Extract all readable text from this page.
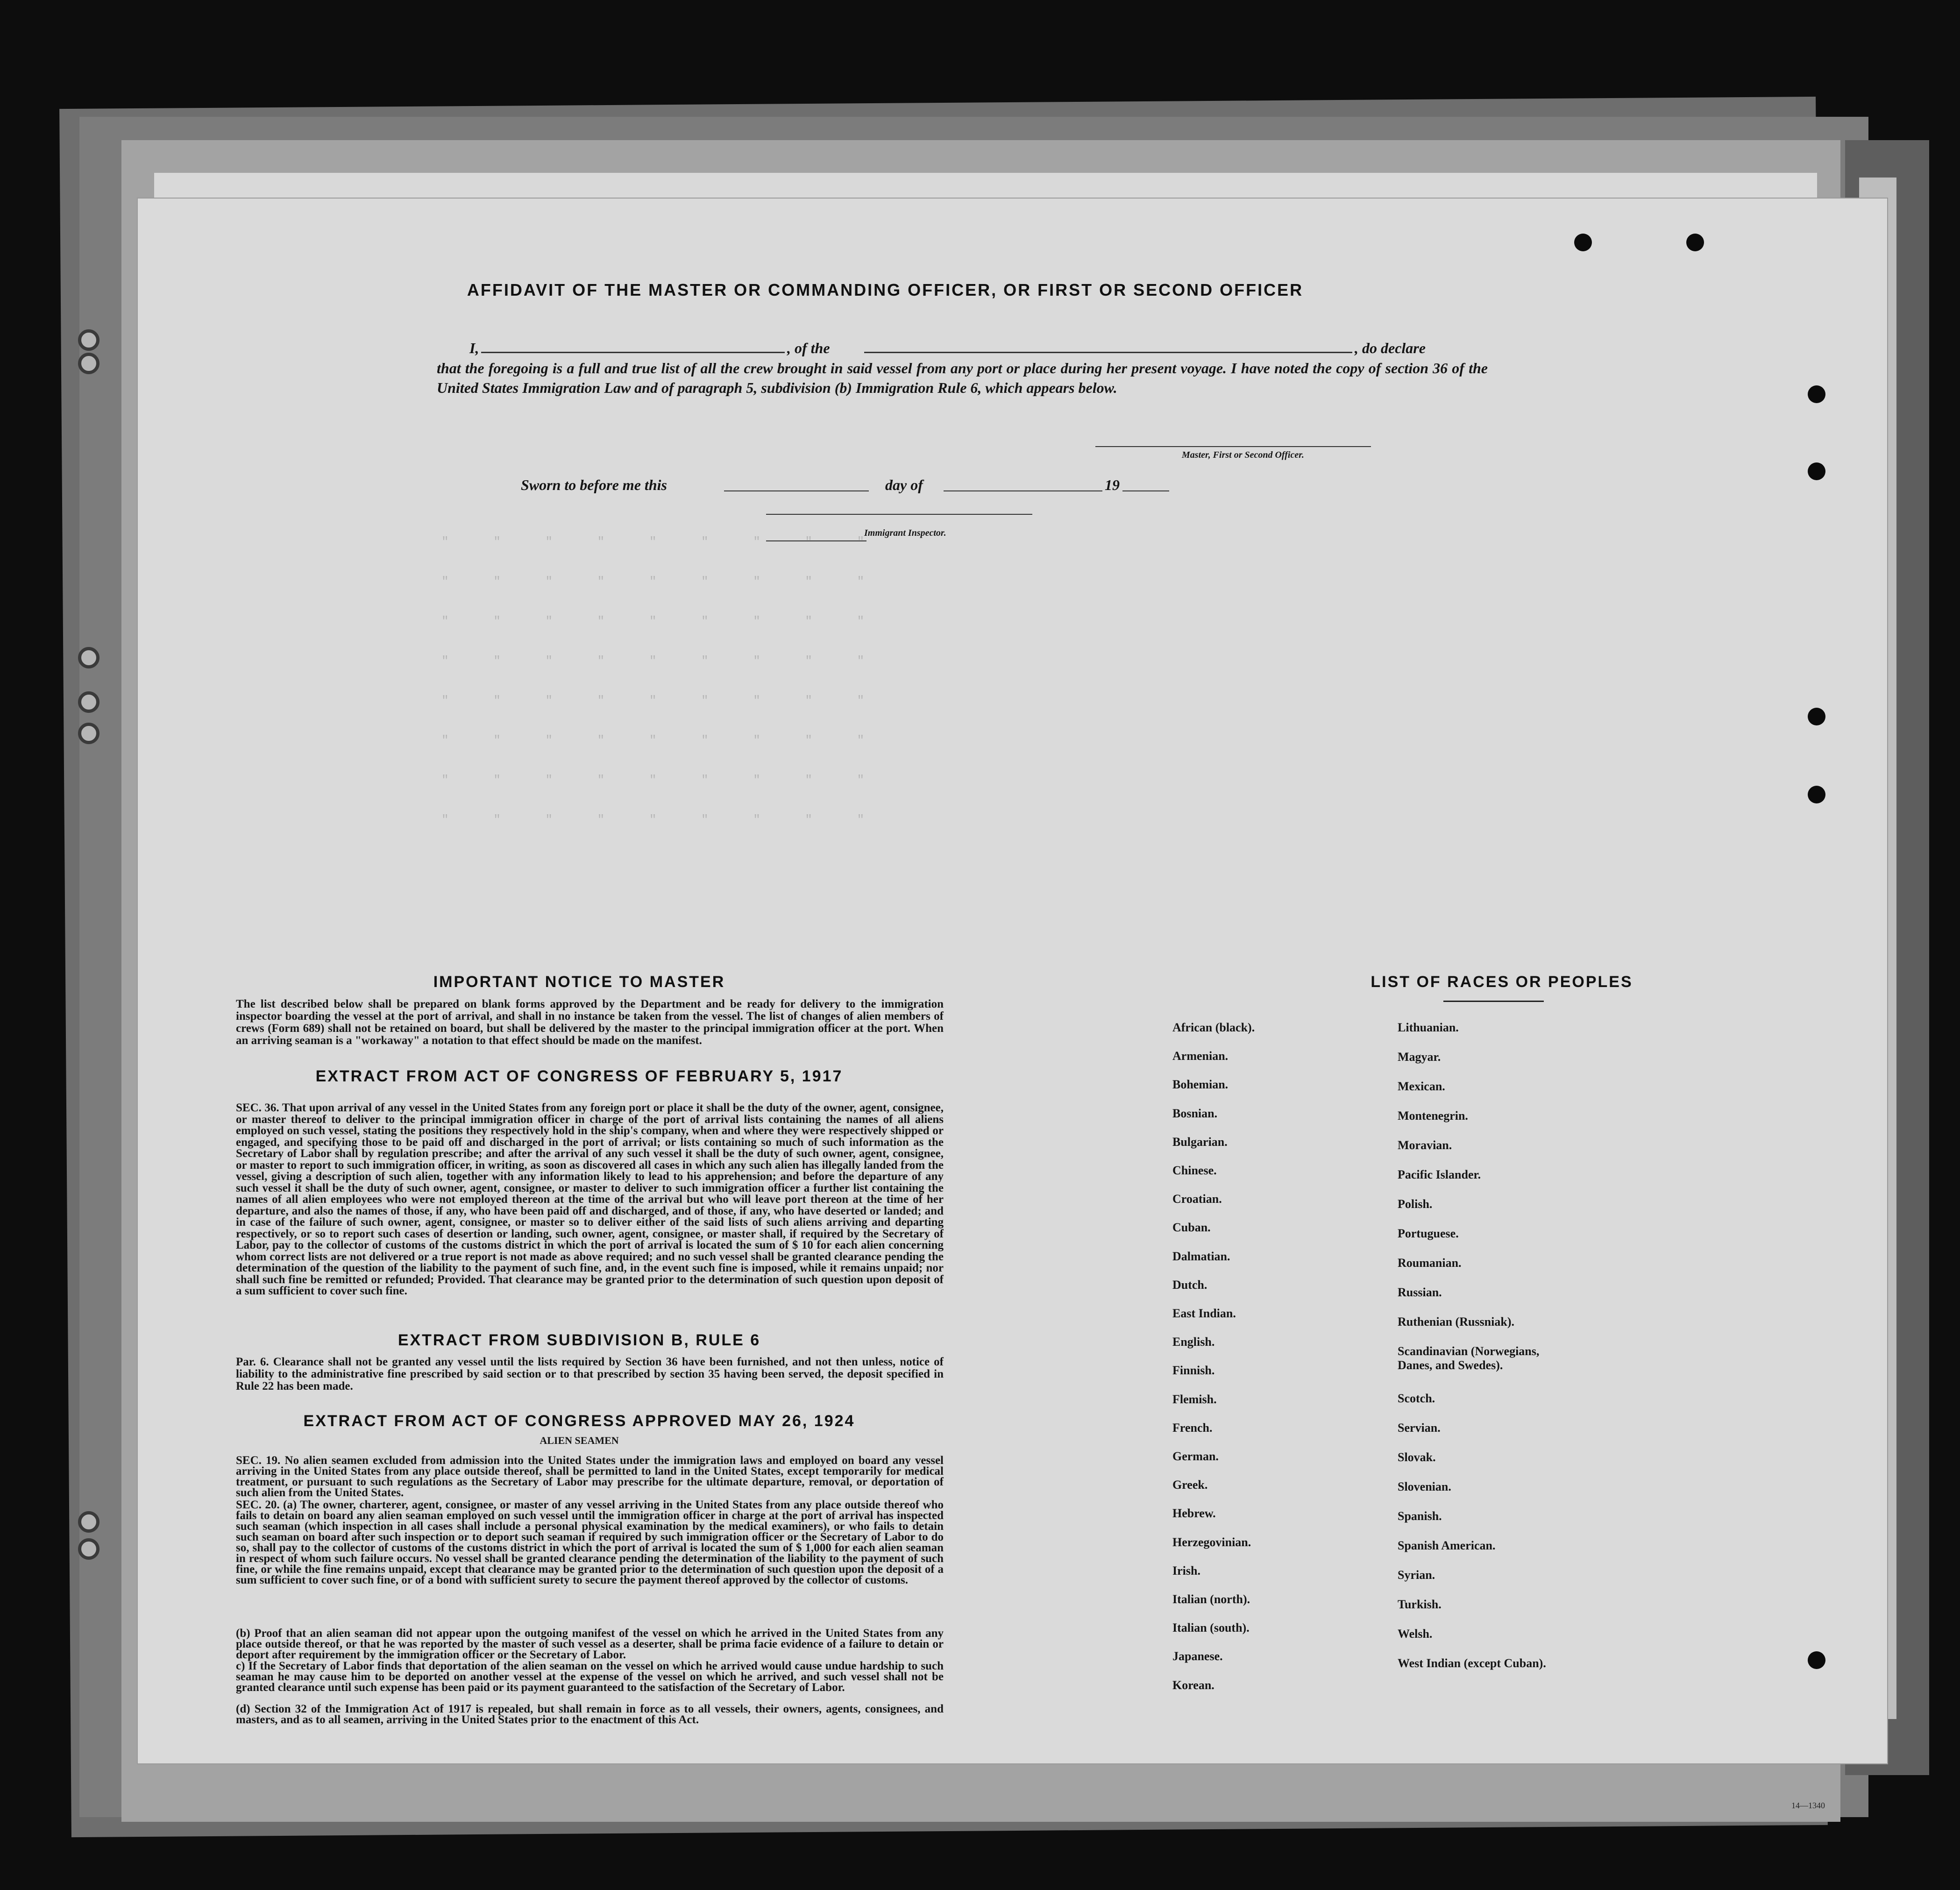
" " " " " " " " "
" " " " " " " " "
" " " " " " " " "
" " " " " " " " "
" " " " " " " " "
" " " " " " " " "
" " " " " " " " "
" " " " " " " " "
AFFIDAVIT OF THE MASTER OR COMMANDING OFFICER, OR FIRST OR SECOND OFFICER
I,	, of the	, do declare
that the foregoing is a full and true list of all the crew brought in said vessel from any port or place during her present voyage. I have noted the copy of section 36 of the United States Immigration Law and of paragraph 5, subdivision (b) Immigration Rule 6, which appears below.
Master, First or Second Officer.
Sworn to before me this	day of	19
Immigrant Inspector.
IMPORTANT NOTICE TO MASTER
The list described below shall be prepared on blank forms approved by the Department and be ready for delivery to the immigration inspector boarding the vessel at the port of arrival, and shall in no instance be taken from the vessel. The list of changes of alien members of crews (Form 689) shall not be retained on board, but shall be delivered by the master to the principal immigration officer at the port. When an arriving seaman is a "workaway" a notation to that effect should be made on the manifest.
EXTRACT FROM ACT OF CONGRESS OF FEBRUARY 5, 1917
SEC. 36. That upon arrival of any vessel in the United States from any foreign port or place it shall be the duty of the owner, agent, consignee, or master thereof to deliver to the principal immigration officer in charge of the port of arrival lists containing the names of all aliens employed on such vessel, stating the positions they respectively hold in the ship's company, when and where they were respectively shipped or engaged, and specifying those to be paid off and discharged in the port of arrival; or lists containing so much of such information as the Secretary of Labor shall by regulation prescribe; and after the arrival of any such vessel it shall be the duty of such owner, agent, consignee, or master to report to such immigration officer, in writing, as soon as discovered all cases in which any such alien has illegally landed from the vessel, giving a description of such alien, together with any information likely to lead to his apprehension; and before the departure of any such vessel it shall be the duty of such owner, agent, consignee, or master to deliver to such immigration officer a further list containing the names of all alien employees who were not employed thereon at the time of the arrival but who will leave port thereon at the time of her departure, and also the names of those, if any, who have been paid off and discharged, and of those, if any, who have deserted or landed; and in case of the failure of such owner, agent, consignee, or master so to deliver either of the said lists of such aliens arriving and departing respectively, or so to report such cases of desertion or landing, such owner, agent, consignee, or master shall, if required by the Secretary of Labor, pay to the collector of customs of the customs district in which the port of arrival is located the sum of $ 10 for each alien concerning whom correct lists are not delivered or a true report is not made as above required; and no such vessel shall be granted clearance pending the determination of the question of the liability to the payment of such fine, and, in the event such fine is imposed, while it remains unpaid; nor shall such fine be remitted or refunded; Provided. That clearance may be granted prior to the determination of such question upon deposit of a sum sufficient to cover such fine.
EXTRACT FROM SUBDIVISION B, RULE 6
Par. 6. Clearance shall not be granted any vessel until the lists required by Section 36 have been furnished, and not then unless, notice of liability to the administrative fine prescribed by said section or to that prescribed by section 35 having been served, the deposit specified in Rule 22 has been made.
EXTRACT FROM ACT OF CONGRESS APPROVED MAY 26, 1924
ALIEN SEAMEN
SEC. 19. No alien seamen excluded from admission into the United States under the immigration laws and employed on board any vessel arriving in the United States from any place outside thereof, shall be permitted to land in the United States, except temporarily for medical treatment, or pursuant to such regulations as the Secretary of Labor may prescribe for the ultimate departure, removal, or deportation of such alien from the United States.
SEC. 20. (a) The owner, charterer, agent, consignee, or master of any vessel arriving in the United States from any place outside thereof who fails to detain on board any alien seaman employed on such vessel until the immigration officer in charge at the port of arrival has inspected such seaman (which inspection in all cases shall include a personal physical examination by the medical examiners), or who fails to detain such seaman on board after such inspection or to deport such seaman if required by such immigration officer or the Secretary of Labor to do so, shall pay to the collector of customs of the customs district in which the port of arrival is located the sum of $ 1,000 for each alien seaman in respect of whom such failure occurs. No vessel shall be granted clearance pending the determination of the liability to the payment of such fine, or while the fine remains unpaid, except that clearance may be granted prior to the determination of such question upon the deposit of a sum sufficient to cover such fine, or of a bond with sufficient surety to secure the payment thereof approved by the collector of customs.
(b) Proof that an alien seaman did not appear upon the outgoing manifest of the vessel on which he arrived in the United States from any place outside thereof, or that he was reported by the master of such vessel as a deserter, shall be prima facie evidence of a failure to detain or deport after requirement by the immigration officer or the Secretary of Labor.
c) If the Secretary of Labor finds that deportation of the alien seaman on the vessel on which he arrived would cause undue hardship to such seaman he may cause him to be deported on another vessel at the expense of the vessel on which he arrived, and such vessel shall not be granted clearance until such expense has been paid or its payment guaranteed to the satisfaction of the Secretary of Labor.
(d) Section 32 of the Immigration Act of 1917 is repealed, but shall remain in force as to all vessels, their owners, agents, consignees, and masters, and as to all seamen, arriving in the United States prior to the enactment of this Act.
LIST OF RACES OR PEOPLES
African (black).
Armenian.
Bohemian.
Bosnian.
Bulgarian.
Chinese.
Croatian.
Cuban.
Dalmatian.
Dutch.
East Indian.
English.
Finnish.
Flemish.
French.
German.
Greek.
Hebrew.
Herzegovinian.
Irish.
Italian (north).
Italian (south).
Japanese.
Korean.
Lithuanian.
Magyar.
Mexican.
Montenegrin.
Moravian.
Pacific Islander.
Polish.
Portuguese.
Roumanian.
Russian.
Ruthenian (Russniak).
Scandinavian (Norwegians, Danes, and Swedes).
Scotch.
Servian.
Slovak.
Slovenian.
Spanish.
Spanish American.
Syrian.
Turkish.
Welsh.
West Indian (except Cuban).
14—1340
